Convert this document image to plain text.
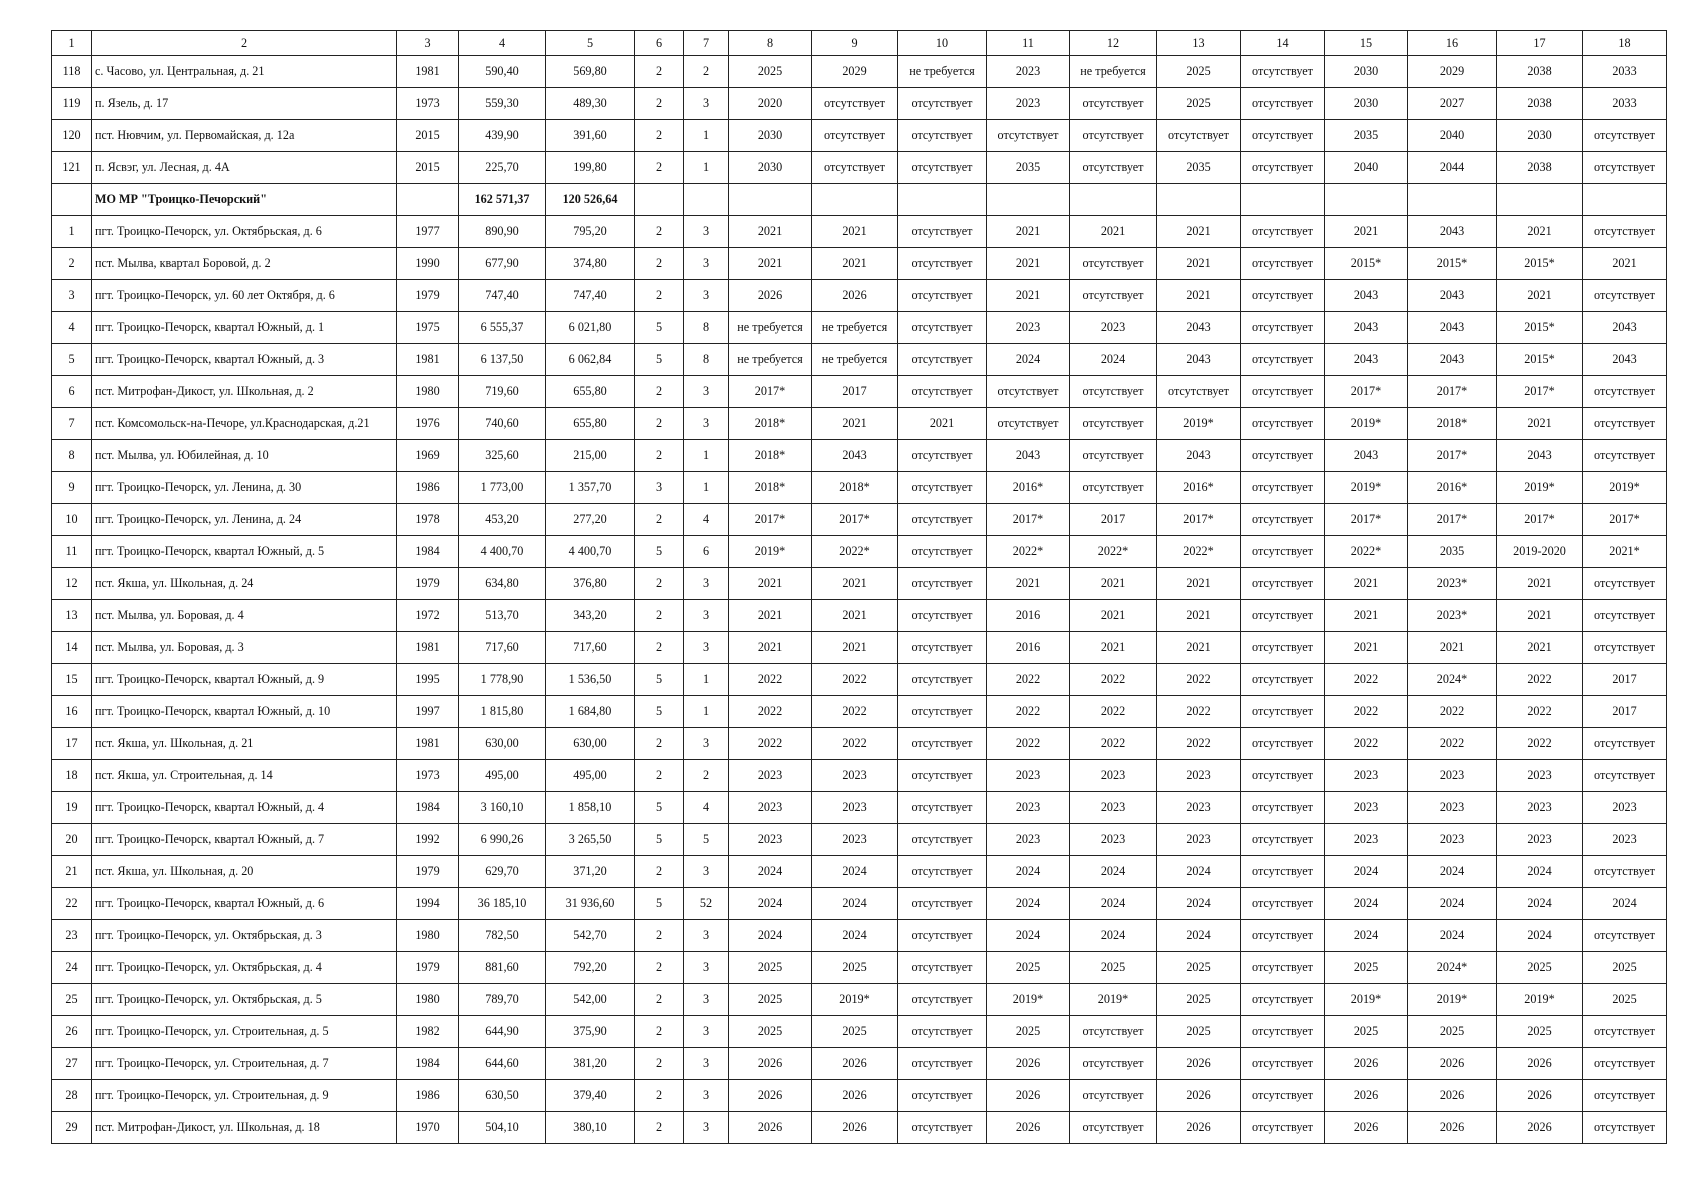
1	2	3	4	5	6	7	8	9	10	11	12	13	14	15	16	17	18
118	с. Часово, ул. Центральная, д. 21	1981	590,40	569,80	2	2	2025	2029	не требуется	2023	не требуется	2025	отсутствует	2030	2029	2038	2033
119	п. Язель, д. 17	1973	559,30	489,30	2	3	2020	отсутствует	отсутствует	2023	отсутствует	2025	отсутствует	2030	2027	2038	2033
120	пст. Нювчим, ул. Первомайская, д. 12а	2015	439,90	391,60	2	1	2030	отсутствует	отсутствует	отсутствует	отсутствует	отсутствует	отсутствует	2035	2040	2030	отсутствует
121	п. Ясвэг, ул. Лесная, д. 4А	2015	225,70	199,80	2	1	2030	отсутствует	отсутствует	2035	отсутствует	2035	отсутствует	2040	2044	2038	отсутствует
	МО МР "Троицко-Печорский"		162 571,37	120 526,64													
1	пгт. Троицко-Печорск, ул. Октябрьская, д. 6	1977	890,90	795,20	2	3	2021	2021	отсутствует	2021	2021	2021	отсутствует	2021	2043	2021	отсутствует
2	пст. Мылва, квартал Боровой, д. 2	1990	677,90	374,80	2	3	2021	2021	отсутствует	2021	отсутствует	2021	отсутствует	2015*	2015*	2015*	2021
3	пгт. Троицко-Печорск, ул. 60 лет Октября, д. 6	1979	747,40	747,40	2	3	2026	2026	отсутствует	2021	отсутствует	2021	отсутствует	2043	2043	2021	отсутствует
4	пгт. Троицко-Печорск, квартал Южный, д. 1	1975	6 555,37	6 021,80	5	8	не требуется	не требуется	отсутствует	2023	2023	2043	отсутствует	2043	2043	2015*	2043
5	пгт. Троицко-Печорск, квартал Южный, д. 3	1981	6 137,50	6 062,84	5	8	не требуется	не требуется	отсутствует	2024	2024	2043	отсутствует	2043	2043	2015*	2043
6	пст. Митрофан-Дикост, ул. Школьная, д. 2	1980	719,60	655,80	2	3	2017*	2017	отсутствует	отсутствует	отсутствует	отсутствует	отсутствует	2017*	2017*	2017*	отсутствует
7	пст. Комсомольск-на-Печоре, ул.Краснодарская, д.21	1976	740,60	655,80	2	3	2018*	2021	2021	отсутствует	отсутствует	2019*	отсутствует	2019*	2018*	2021	отсутствует
8	пст. Мылва, ул. Юбилейная, д. 10	1969	325,60	215,00	2	1	2018*	2043	отсутствует	2043	отсутствует	2043	отсутствует	2043	2017*	2043	отсутствует
9	пгт. Троицко-Печорск, ул. Ленина, д. 30	1986	1 773,00	1 357,70	3	1	2018*	2018*	отсутствует	2016*	отсутствует	2016*	отсутствует	2019*	2016*	2019*	2019*
10	пгт. Троицко-Печорск, ул. Ленина, д. 24	1978	453,20	277,20	2	4	2017*	2017*	отсутствует	2017*	2017	2017*	отсутствует	2017*	2017*	2017*	2017*
11	пгт. Троицко-Печорск, квартал Южный, д. 5	1984	4 400,70	4 400,70	5	6	2019*	2022*	отсутствует	2022*	2022*	2022*	отсутствует	2022*	2035	2019-2020	2021*
12	пст. Якша, ул. Школьная, д. 24	1979	634,80	376,80	2	3	2021	2021	отсутствует	2021	2021	2021	отсутствует	2021	2023*	2021	отсутствует
13	пст. Мылва, ул. Боровая, д. 4	1972	513,70	343,20	2	3	2021	2021	отсутствует	2016	2021	2021	отсутствует	2021	2023*	2021	отсутствует
14	пст. Мылва, ул. Боровая, д. 3	1981	717,60	717,60	2	3	2021	2021	отсутствует	2016	2021	2021	отсутствует	2021	2021	2021	отсутствует
15	пгт. Троицко-Печорск, квартал Южный, д. 9	1995	1 778,90	1 536,50	5	1	2022	2022	отсутствует	2022	2022	2022	отсутствует	2022	2024*	2022	2017
16	пгт. Троицко-Печорск, квартал Южный, д. 10	1997	1 815,80	1 684,80	5	1	2022	2022	отсутствует	2022	2022	2022	отсутствует	2022	2022	2022	2017
17	пст. Якша, ул. Школьная, д. 21	1981	630,00	630,00	2	3	2022	2022	отсутствует	2022	2022	2022	отсутствует	2022	2022	2022	отсутствует
18	пст. Якша, ул. Строительная, д. 14	1973	495,00	495,00	2	2	2023	2023	отсутствует	2023	2023	2023	отсутствует	2023	2023	2023	отсутствует
19	пгт. Троицко-Печорск, квартал Южный, д. 4	1984	3 160,10	1 858,10	5	4	2023	2023	отсутствует	2023	2023	2023	отсутствует	2023	2023	2023	2023
20	пгт. Троицко-Печорск, квартал Южный, д. 7	1992	6 990,26	3 265,50	5	5	2023	2023	отсутствует	2023	2023	2023	отсутствует	2023	2023	2023	2023
21	пст. Якша, ул. Школьная, д. 20	1979	629,70	371,20	2	3	2024	2024	отсутствует	2024	2024	2024	отсутствует	2024	2024	2024	отсутствует
22	пгт. Троицко-Печорск, квартал Южный, д. 6	1994	36 185,10	31 936,60	5	52	2024	2024	отсутствует	2024	2024	2024	отсутствует	2024	2024	2024	2024
23	пгт. Троицко-Печорск, ул. Октябрьская, д. 3	1980	782,50	542,70	2	3	2024	2024	отсутствует	2024	2024	2024	отсутствует	2024	2024	2024	отсутствует
24	пгт. Троицко-Печорск, ул. Октябрьская, д. 4	1979	881,60	792,20	2	3	2025	2025	отсутствует	2025	2025	2025	отсутствует	2025	2024*	2025	2025
25	пгт. Троицко-Печорск, ул. Октябрьская, д. 5	1980	789,70	542,00	2	3	2025	2019*	отсутствует	2019*	2019*	2025	отсутствует	2019*	2019*	2019*	2025
26	пгт. Троицко-Печорск, ул. Строительная, д. 5	1982	644,90	375,90	2	3	2025	2025	отсутствует	2025	отсутствует	2025	отсутствует	2025	2025	2025	отсутствует
27	пгт. Троицко-Печорск, ул. Строительная, д. 7	1984	644,60	381,20	2	3	2026	2026	отсутствует	2026	отсутствует	2026	отсутствует	2026	2026	2026	отсутствует
28	пгт. Троицко-Печорск, ул. Строительная, д. 9	1986	630,50	379,40	2	3	2026	2026	отсутствует	2026	отсутствует	2026	отсутствует	2026	2026	2026	отсутствует
29	пст. Митрофан-Дикост, ул. Школьная, д. 18	1970	504,10	380,10	2	3	2026	2026	отсутствует	2026	отсутствует	2026	отсутствует	2026	2026	2026	отсутствует
